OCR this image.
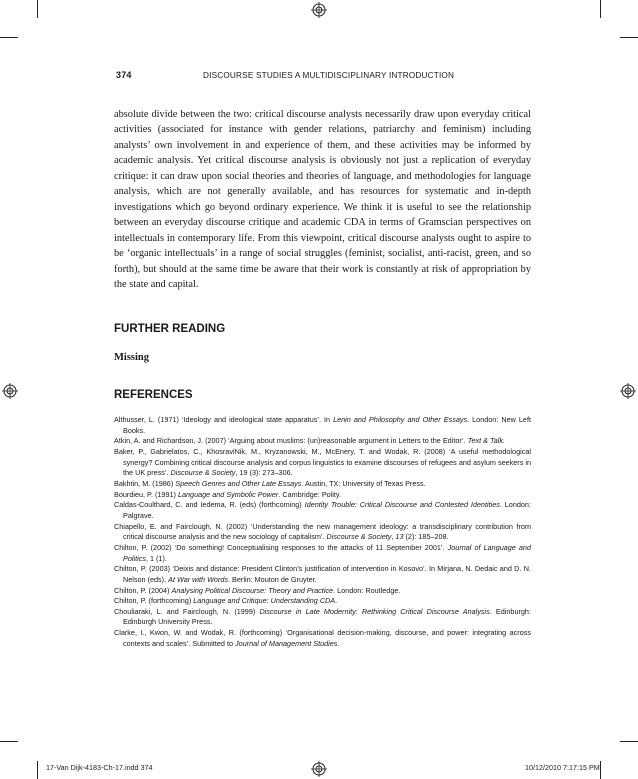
374	DISCOURSE STUDIES A MULTIDISCIPLINARY INTRODUCTION

absolute divide between the two: critical discourse analysts necessarily draw upon everyday critical activities (associated for instance with gender relations, patriarchy and feminism) including analysts’ own involvement in and experience of them, and these activities may be informed by academic analysis. Yet critical discourse analysis is obviously not just a replication of everyday critique: it can draw upon social theories and theories of language, and methodologies for language analysis, which are not generally available, and has resources for systematic and in-depth investigations which go beyond ordinary experience. We think it is useful to see the relationship between an everyday discourse critique and academic CDA in terms of Gramscian perspectives on intellectuals in contemporary life. From this viewpoint, critical discourse analysts ought to aspire to be ‘organic intellectuals’ in a range of social struggles (feminist, socialist, anti-racist, green, and so forth), but should at the same time be aware that their work is constantly at risk of appropriation by the state and capital.

FURTHER READING
Missing
REFERENCES
Althusser, L. (1971) ‘Ideology and ideological state apparatus’. In Lenin and Philosophy and Other Essays. London: New Left Books.
Atkin, A. and Richardson, J. (2007) ‘Arguing about muslims: (un)reasonable argument in Letters to the Editor’. Text & Talk.
Baker, P., Gabrielatos, C., KhosraviNik, M., Kryzanowski, M., McEnery, T. and Wodak, R. (2008) ‘A useful methodological synergy? Combining critical discourse analysis and corpus linguistics to examine discourses of refugees and asylum seekers in the UK press’. Discourse & Society, 19 (3): 273–306.
Bakhtin, M. (1986) Speech Genres and Other Late Essays. Austin, TX: University of Texas Press.
Bourdieu, P. (1991) Language and Symbolic Power. Cambridge: Polity.
Caldas-Coulthard, C. and Iedema, R. (eds) (forthcoming) Identity Trouble: Critical Discourse and Contested Identities. London: Palgrave.
Chiapello, E. and Fairclough, N. (2002) ‘Understanding the new management ideology: a transdisciplinary contribution from critical discourse analysis and the new sociology of capitalism’. Discourse & Society, 13 (2): 185–208.
Chilton, P. (2002) ‘Do something! Conceptualising responses to the attacks of 11 September 2001’. Journal of Language and Politics, 1 (1).
Chilton, P. (2003) ‘Deixis and distance: President Clinton’s justification of intervention in Kosovo’. In Mirjana, N. Dedaic and D. N. Nelson (eds), At War with Words. Berlin: Mouton de Gruyter.
Chilton, P. (2004) Analysing Political Discourse: Theory and Practice. London: Routledge.
Chilton, P. (forthcoming) Language and Critique: Understanding CDA.
Chouliaraki, L. and Fairclough, N. (1999) Discourse in Late Modernity: Rethinking Critical Discourse Analysis. Edinburgh: Edinburgh University Press.
Clarke, I., Kwon, W. and Wodak, R. (forthcoming) ‘Organisational decision-making, discourse, and power: integrating across contexts and scales’. Submitted to Journal of Management Studies.
17-Van Dijk-4183-Ch-17.indd 374	10/12/2010 7:17:15 PM
